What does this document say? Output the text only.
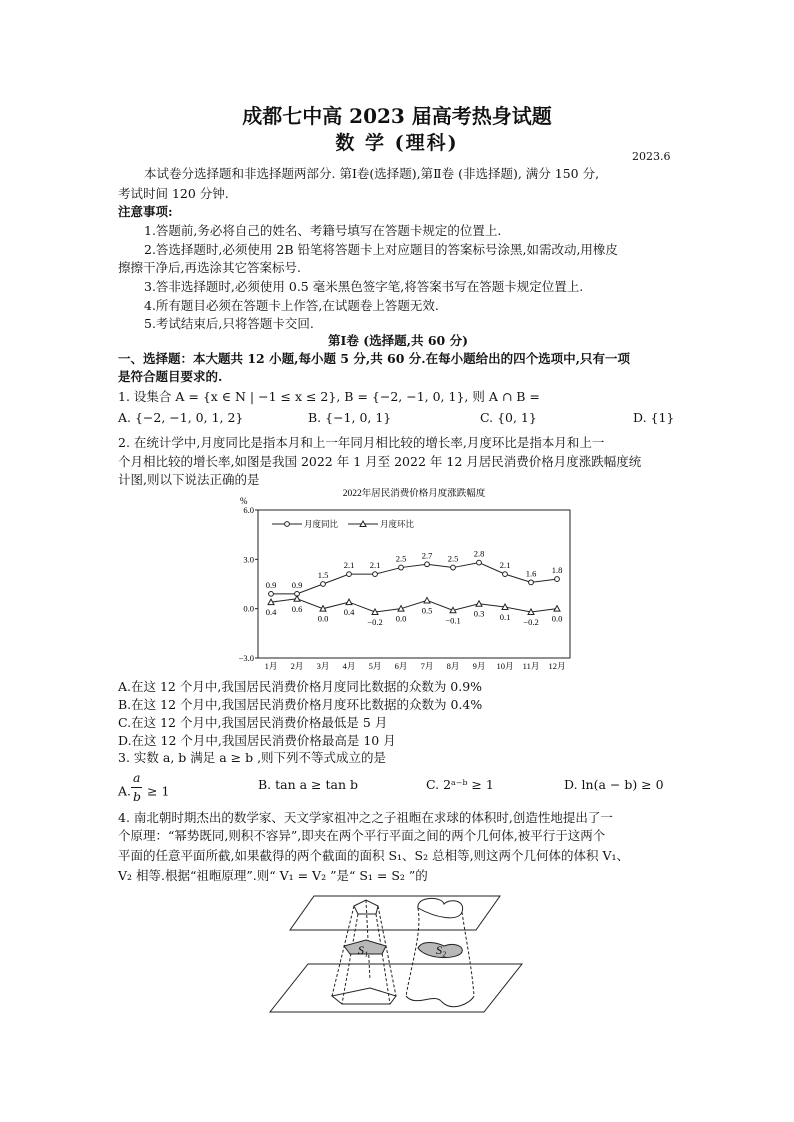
成都七中高 2023 届高考热身试题
数 学 (理科)
2023.6
本试卷分选择题和非选择题两部分. 第Ⅰ卷(选择题),第Ⅱ卷 (非选择题), 满分 150 分,
考试时间 120 分钟.
注意事项:
1.答题前,务必将自己的姓名、考籍号填写在答题卡规定的位置上.
2.答选择题时,必须使用 2B 铅笔将答题卡上对应题目的答案标号涂黑,如需改动,用橡皮
擦擦干净后,再选涂其它答案标号.
3.答非选择题时,必须使用 0.5 毫米黑色签字笔,将答案书写在答题卡规定位置上.
4.所有题目必须在答题卡上作答,在试题卷上答题无效.
5.考试结束后,只将答题卡交回.
第Ⅰ卷 (选择题,共 60 分)
一、选择题：本大题共 12 小题,每小题 5 分,共 60 分.在每小题给出的四个选项中,只有一项
是符合题目要求的.
1. 设集合 A = {x ∈ N | −1 ≤ x ≤ 2}, B = {−2, −1, 0, 1}, 则 A ∩ B =
A. {−2, −1, 0, 1, 2}	B. {−1, 0, 1}	C. {0, 1}	D. {1}
2. 在统计学中,月度同比是指本月和上一年同月相比较的增长率,月度环比是指本月和上一
个月相比较的增长率,如图是我国 2022 年 1 月至 2022 年 12 月居民消费价格月度涨跌幅度统
计图,则以下说法正确的是
2022年居民消费价格月度涨跌幅度
%
6.0
3.0
0.0
−3.0
1月 2月 3月 4月 5月 6月 7月 8月 9月 10月 11月 12月
月度同比	月度环比
0.9 0.9
1.5
2.1 2.1
2.5 2.7 2.5 2.8
2.1
1.6 1.8
0.4 0.6
0.0
0.4
−0.2 0.0
0.5
−0.1
0.3 0.1 −0.2 0.0
A.在这 12 个月中,我国居民消费价格月度同比数据的众数为 0.9%
B.在这 12 个月中,我国居民消费价格月度环比数据的众数为 0.4%
C.在这 12 个月中,我国居民消费价格最低是 5 月
D.在这 12 个月中,我国居民消费价格最高是 10 月
3. 实数 a, b 满足 a ≥ b ,则下列不等式成立的是
A. $\frac{a}{b} \ge 1$	B. tan a ≥ tan b	C. 2ᵃ⁻ᵇ ≥ 1	D. ln(a − b) ≥ 0
4. 南北朝时期杰出的数学家、天文学家祖冲之之子祖暅在求球的体积时,创造性地提出了一
个原理：“幂势既同,则积不容异”,即夹在两个平行平面之间的两个几何体,被平行于这两个
平面的任意平面所截,如果截得的两个截面的面积 S₁、S₂ 总相等,则这两个几何体的体积 V₁、
V₂ 相等.根据“祖暅原理”.则“ V₁ = V₂ ”是“ S₁ = S₂ ”的
S₁	S₂
